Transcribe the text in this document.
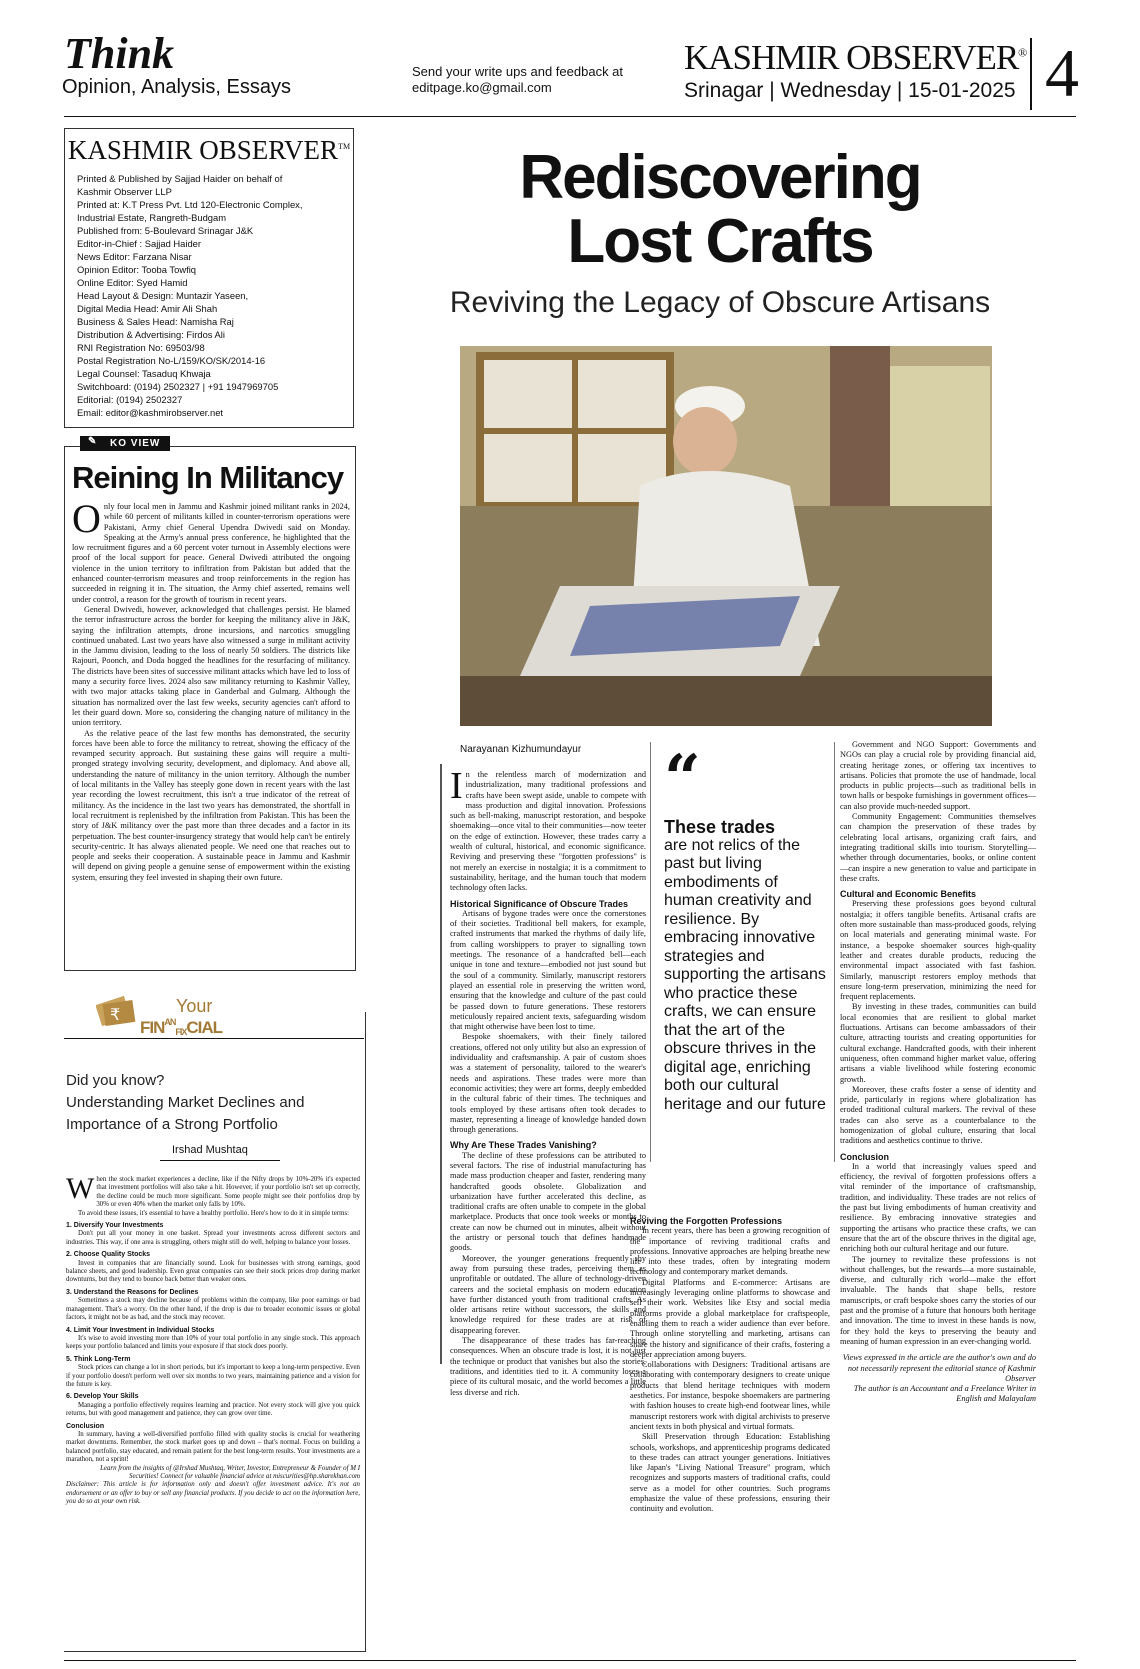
Think
Opinion, Analysis, Essays
Send your write ups and feedback at
editpage.ko@gmail.com
KASHMIR OBSERVER®
Srinagar | Wednesday | 15-01-2025 4
KASHMIR OBSERVER™
Printed & Published by Sajjad Haider on behalf of
Kashmir Observer LLP
Printed at: K.T Press Pvt. Ltd 120-Electronic Complex,
Industrial Estate, Rangreth-Budgam
Published from: 5-Boulevard Srinagar J&K
Editor-in-Chief : Sajjad Haider
News Editor: Farzana Nisar
Opinion Editor: Tooba Towfiq
Online Editor: Syed Hamid
Head Layout & Design: Muntazir Yaseen,
Digital Media Head: Amir Ali Shah
Business & Sales Head: Namisha Raj
Distribution & Advertising: Firdos Ali
RNI Registration No: 69503/98
Postal Registration No-L/159/KO/SK/2014-16
Legal Counsel: Tasaduq Khwaja
Switchboard: (0194) 2502327 | +91 1947969705
Editorial: (0194) 2502327
Email: editor@kashmirobserver.net
✎ KO VIEW
Reining In Militancy

Only four local men in Jammu and Kashmir joined militant ranks in 2024, while 60 percent of militants killed in counter-terrorism operations were Pakistani, Army chief General Upendra Dwivedi said on Monday. Speaking at the Army's annual press conference, he highlighted that the low recruitment figures and a 60 percent voter turnout in Assembly elections were proof of the local support for peace. General Dwivedi attributed the ongoing violence in the union territory to infiltration from Pakistan but added that the enhanced counter-terrorism measures and troop reinforcements in the region has succeeded in reigning it in. The situation, the Army chief asserted, remains well under control, a reason for the growth of tourism in recent years.

General Dwivedi, however, acknowledged that challenges persist. He blamed the terror infrastructure across the border for keeping the militancy alive in J&K, saying the infiltration attempts, drone incursions, and narcotics smuggling continued unabated. Last two years have also witnessed a surge in militant activity in the Jammu division, leading to the loss of nearly 50 soldiers. The districts like Rajouri, Poonch, and Doda hogged the headlines for the resurfacing of militancy. The districts have been sites of successive militant attacks which have led to loss of many a security force lives. 2024 also saw militancy returning to Kashmir Valley, with two major attacks taking place in Ganderbal and Gulmarg. Although the situation has normalized over the last few weeks, security agencies can't afford to let their guard down. More so, considering the changing nature of militancy in the union territory.

As the relative peace of the last few months has demonstrated, the security forces have been able to force the militancy to retreat, showing the efficacy of the revamped security approach. But sustaining these gains will require a multi-pronged strategy involving security, development, and diplomacy. And above all, understanding the nature of militancy in the union territory. Although the number of local militants in the Valley has steeply gone down in recent years with the last year recording the lowest recruitment, this isn't a true indicator of the retreat of militancy. As the incidence in the last two years has demonstrated, the shortfall in local recruitment is replenished by the infiltration from Pakistan. This has been the story of J&K militancy over the past more than three decades and a factor in its perpetuation. The best counter-insurgency strategy that would help can't be entirely security-centric. It has always alienated people. We need one that reaches out to people and seeks their cooperation. A sustainable peace in Jammu and Kashmir will depend on giving people a genuine sense of empowerment within the existing system, ensuring they feel invested in shaping their own future.

₹	Your
$FIN^{AN}FIXCIAL$
Did you know?
Understanding Market Declines and
Importance of a Strong Portfolio
Irshad Mushtaq

When the stock market experiences a decline, like if the Nifty drops by 10%-20% it's expected that investment portfolios will also take a hit. However, if your portfolio isn't set up correctly, the decline could be much more significant. Some people might see their portfolios drop by 30% or even 40% when the market only falls by 10%.

To avoid these issues, it's essential to have a healthy portfolio. Here's how to do it in simple terms:

1. Diversify Your Investments

Don't put all your money in one basket. Spread your investments across different sectors and industries. This way, if one area is struggling, others might still do well, helping to balance your losses.

2. Choose Quality Stocks

Invest in companies that are financially sound. Look for businesses with strong earnings, good balance sheets, and good leadership. Even great companies can see their stock prices drop during market downturns, but they tend to bounce back better than weaker ones.

3. Understand the Reasons for Declines

Sometimes a stock may decline because of problems within the company, like poor earnings or bad management. That's a worry. On the other hand, if the drop is due to broader economic issues or global factors, it might not be as bad, and the stock may recover.

4. Limit Your Investment in Individual Stocks

It's wise to avoid investing more than 10% of your total portfolio in any single stock. This approach keeps your portfolio balanced and limits your exposure if that stock does poorly.

5. Think Long-Term

Stock prices can change a lot in short periods, but it's important to keep a long-term perspective. Even if your portfolio doesn't perform well over six months to two years, maintaining patience and a vision for the future is key.

6. Develop Your Skills

Managing a portfolio effectively requires learning and practice. Not every stock will give you quick returns, but with good management and patience, they can grow over time.

Conclusion

In summary, having a well-diversified portfolio filled with quality stocks is crucial for weathering market downturns. Remember, the stock market goes up and down – that's normal. Focus on building a balanced portfolio, stay educated, and remain patient for the best long-term results. Your investments are a marathon, not a sprint!

Learn from the insights of @Irshad Mushtaq, Writer, Investor, Entrepreneur & Founder of M I Securities! Connect for valuable financial advice at miscurities@hp.sharekhan.com

Disclaimer: This article is for information only and doesn't offer investment advice. It's not an endorsement or an offer to buy or sell any financial products. If you decide to act on the information here, you do so at your own risk.

Rediscovering
Lost Crafts
Reviving the Legacy of Obscure Artisans
Narayanan Kizhumundayur

In the relentless march of modernization and industrialization, many traditional professions and crafts have been swept aside, unable to compete with mass production and digital innovation. Professions such as bell-making, manuscript restoration, and bespoke shoemaking—once vital to their communities—now teeter on the edge of extinction. However, these trades carry a wealth of cultural, historical, and economic significance. Reviving and preserving these "forgotten professions" is not merely an exercise in nostalgia; it is a commitment to sustainability, heritage, and the human touch that modern technology often lacks.

Historical Significance of Obscure Trades

Artisans of bygone trades were once the cornerstones of their societies. Traditional bell makers, for example, crafted instruments that marked the rhythms of daily life, from calling worshippers to prayer to signalling town meetings. The resonance of a handcrafted bell—each unique in tone and texture—embodied not just sound but the soul of a community. Similarly, manuscript restorers played an essential role in preserving the written word, ensuring that the knowledge and culture of the past could be passed down to future generations. These restorers meticulously repaired ancient texts, safeguarding wisdom that might otherwise have been lost to time.

Bespoke shoemakers, with their finely tailored creations, offered not only utility but also an expression of individuality and craftsmanship. A pair of custom shoes was a statement of personality, tailored to the wearer's needs and aspirations. These trades were more than economic activities; they were art forms, deeply embedded in the cultural fabric of their times. The techniques and tools employed by these artisans often took decades to master, representing a lineage of knowledge handed down through generations.

Why Are These Trades Vanishing?

The decline of these professions can be attributed to several factors. The rise of industrial manufacturing has made mass production cheaper and faster, rendering many handcrafted goods obsolete. Globalization and urbanization have further accelerated this decline, as traditional crafts are often unable to compete in the global marketplace. Products that once took weeks or months to create can now be churned out in minutes, albeit without the artistry or personal touch that defines handmade goods.

Moreover, the younger generations frequently shy away from pursuing these trades, perceiving them as unprofitable or outdated. The allure of technology-driven careers and the societal emphasis on modern education have further distanced youth from traditional crafts. As older artisans retire without successors, the skills and knowledge required for these trades are at risk of disappearing forever.

The disappearance of these trades has far-reaching consequences. When an obscure trade is lost, it is not just the technique or product that vanishes but also the stories, traditions, and identities tied to it. A community loses a piece of its cultural mosaic, and the world becomes a little less diverse and rich.

“
These trades
are not relics of the past but living embodiments of human creativity and resilience. By embracing innovative strategies and supporting the artisans who practice these crafts, we can ensure that the art of the obscure thrives in the digital age, enriching both our cultural heritage and our future
Reviving the Forgotten Professions

In recent years, there has been a growing recognition of the importance of reviving traditional crafts and professions. Innovative approaches are helping breathe new life into these trades, often by integrating modern technology and contemporary market demands.

Digital Platforms and E-commerce: Artisans are increasingly leveraging online platforms to showcase and sell their work. Websites like Etsy and social media platforms provide a global marketplace for craftspeople, enabling them to reach a wider audience than ever before. Through online storytelling and marketing, artisans can share the history and significance of their crafts, fostering a deeper appreciation among buyers.

Collaborations with Designers: Traditional artisans are collaborating with contemporary designers to create unique products that blend heritage techniques with modern aesthetics. For instance, bespoke shoemakers are partnering with fashion houses to create high-end footwear lines, while manuscript restorers work with digital archivists to preserve ancient texts in both physical and virtual formats.

Skill Preservation through Education: Establishing schools, workshops, and apprenticeship programs dedicated to these trades can attract younger generations. Initiatives like Japan's "Living National Treasure" program, which recognizes and supports masters of traditional crafts, could serve as a model for other countries. Such programs emphasize the value of these professions, ensuring their continuity and evolution.

Government and NGO Support: Governments and NGOs can play a crucial role by providing financial aid, creating heritage zones, or offering tax incentives to artisans. Policies that promote the use of handmade, local products in public projects—such as traditional bells in town halls or bespoke furnishings in government offices—can also provide much-needed support.

Community Engagement: Communities themselves can champion the preservation of these trades by celebrating local artisans, organizing craft fairs, and integrating traditional skills into tourism. Storytelling—whether through documentaries, books, or online content—can inspire a new generation to value and participate in these crafts.

Cultural and Economic Benefits

Preserving these professions goes beyond cultural nostalgia; it offers tangible benefits. Artisanal crafts are often more sustainable than mass-produced goods, relying on local materials and generating minimal waste. For instance, a bespoke shoemaker sources high-quality leather and creates durable products, reducing the environmental impact associated with fast fashion. Similarly, manuscript restorers employ methods that ensure long-term preservation, minimizing the need for frequent replacements.

By investing in these trades, communities can build local economies that are resilient to global market fluctuations. Artisans can become ambassadors of their culture, attracting tourists and creating opportunities for cultural exchange. Handcrafted goods, with their inherent uniqueness, often command higher market value, offering artisans a viable livelihood while fostering economic growth.

Moreover, these crafts foster a sense of identity and pride, particularly in regions where globalization has eroded traditional cultural markers. The revival of these trades can also serve as a counterbalance to the homogenization of global culture, ensuring that local traditions and aesthetics continue to thrive.

Conclusion

In a world that increasingly values speed and efficiency, the revival of forgotten professions offers a vital reminder of the importance of craftsmanship, tradition, and individuality. These trades are not relics of the past but living embodiments of human creativity and resilience. By embracing innovative strategies and supporting the artisans who practice these crafts, we can ensure that the art of the obscure thrives in the digital age, enriching both our cultural heritage and our future.

The journey to revitalize these professions is not without challenges, but the rewards—a more sustainable, diverse, and culturally rich world—make the effort invaluable. The hands that shape bells, restore manuscripts, or craft bespoke shoes carry the stories of our past and the promise of a future that honours both heritage and innovation. The time to invest in these hands is now, for they hold the keys to preserving the beauty and meaning of human expression in an ever-changing world.

Views expressed in the article are the author's own and do not necessarily represent the editorial stance of Kashmir Observer

The author is an Accountant and a Freelance Writer in English and Malayalam
